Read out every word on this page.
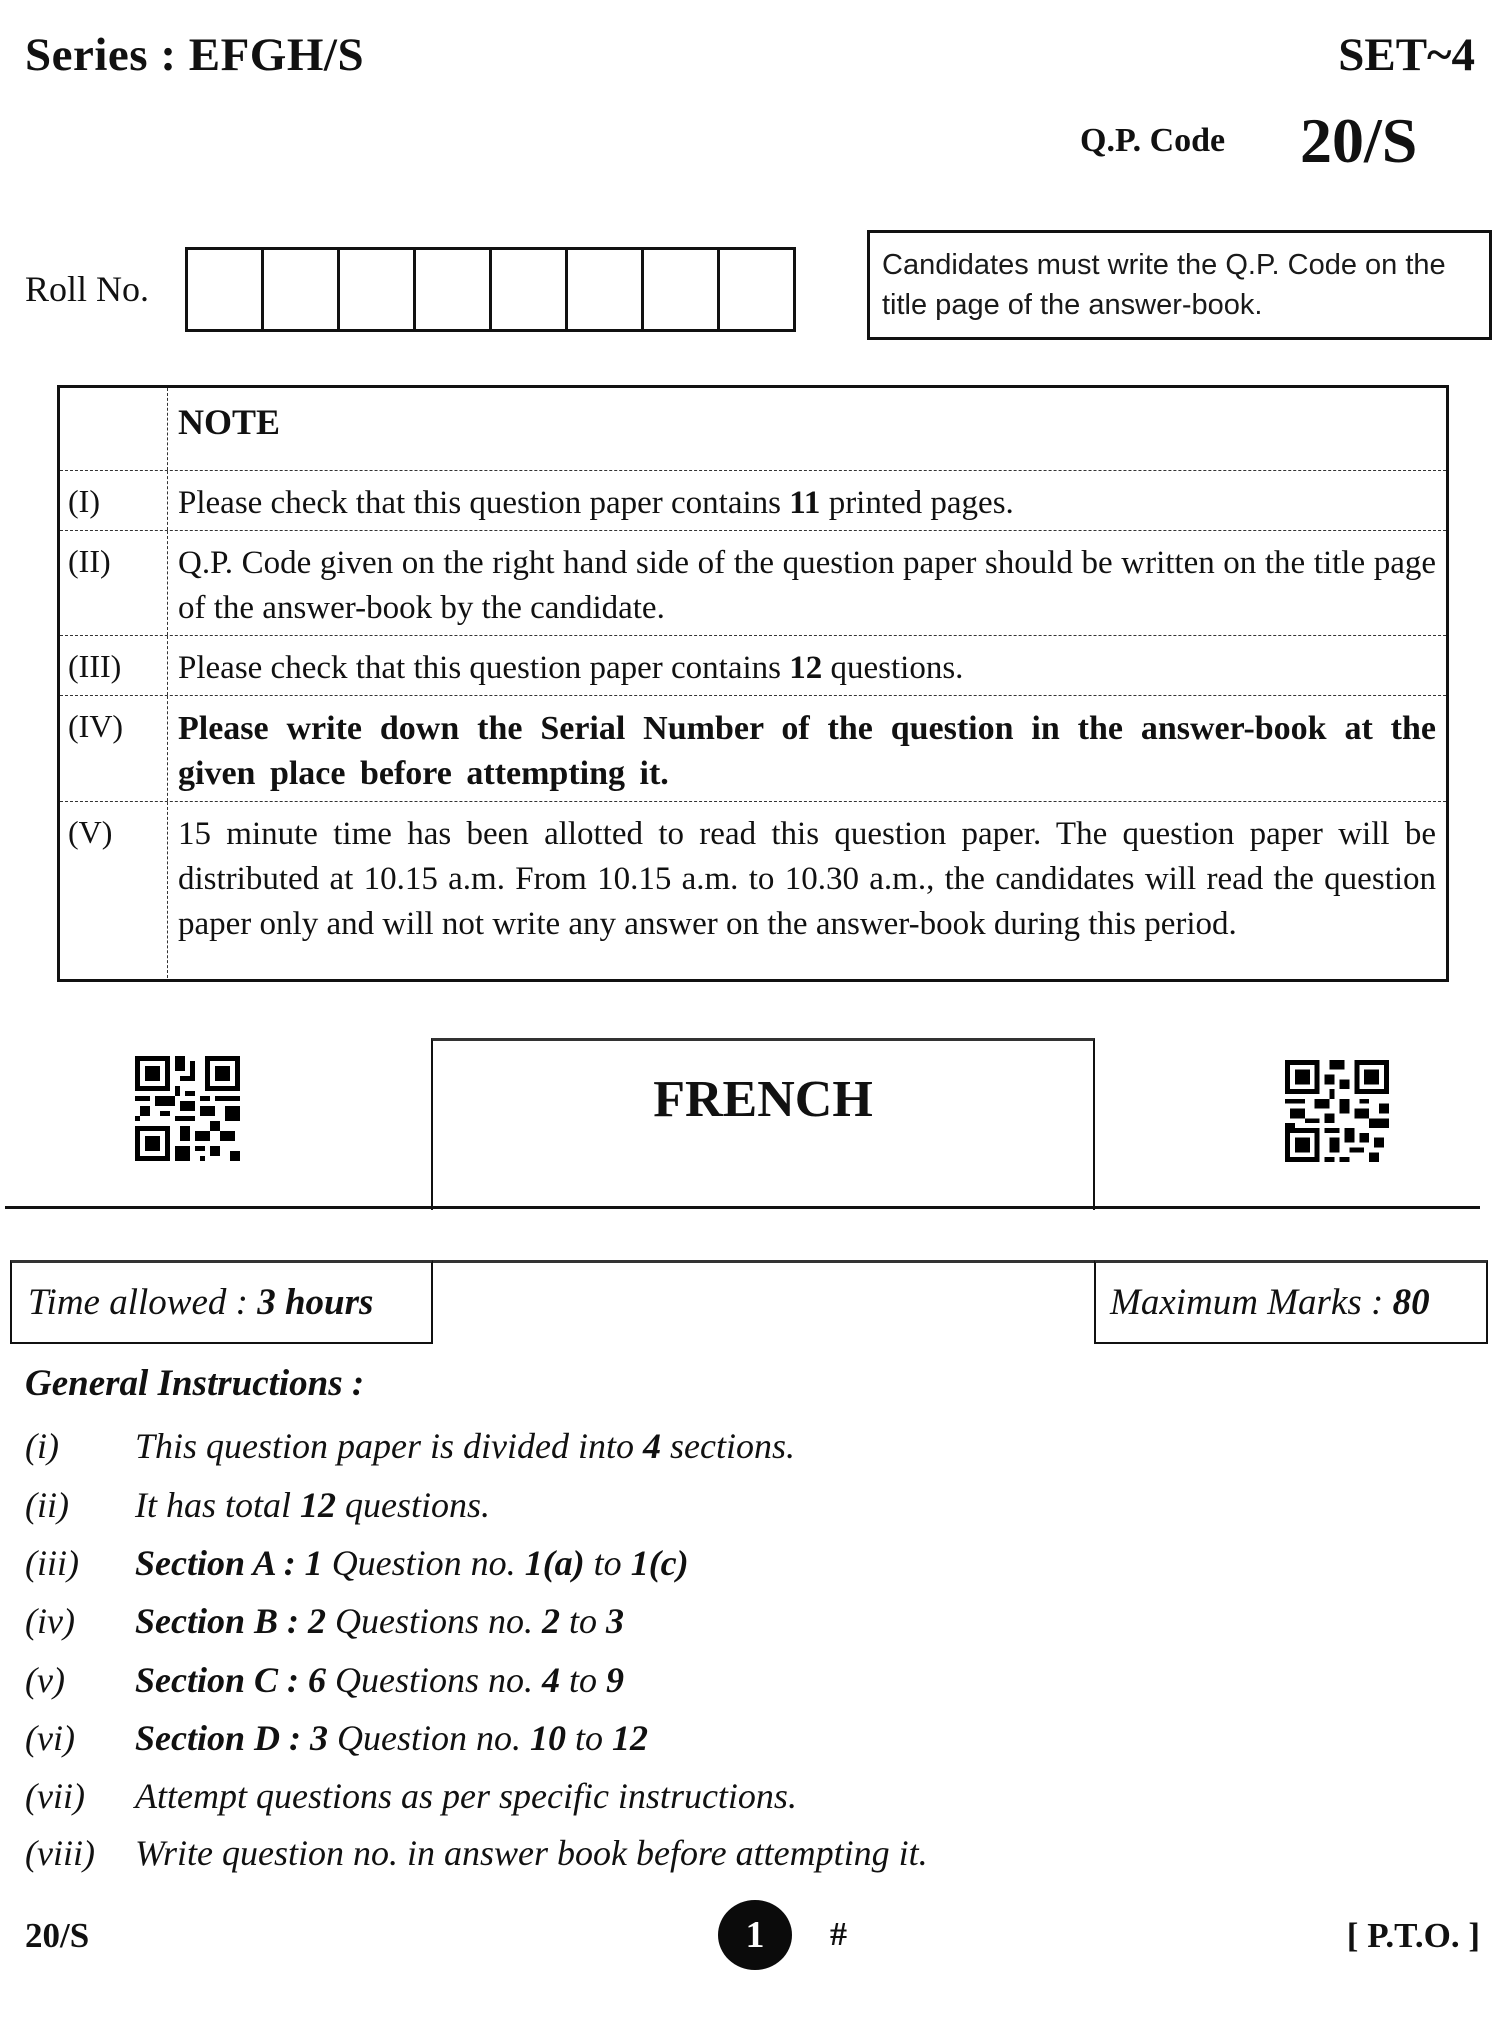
Series : EFGH/S	SET~4
Q.P. Code 20/S
Roll No.
Candidates must write the Q.P. Code on the title page of the answer-book.
NOTE
(I)	Please check that this question paper contains 11 printed pages.
(II)	Q.P. Code given on the right hand side of the question paper should be written on the title page of the answer-book by the candidate.
(III)	Please check that this question paper contains 12 questions.
(IV)	Please write down the Serial Number of the question in the answer-book at the given place before attempting it.
(V)	15 minute time has been allotted to read this question paper. The question paper will be distributed at 10.15 a.m. From 10.15 a.m. to 10.30 a.m., the candidates will read the question paper only and will not write any answer on the answer-book during this period.
FRENCH
Time allowed : 3 hours	Maximum Marks : 80
General Instructions :
(i)	This question paper is divided into 4 sections.
(ii)	It has total 12 questions.
(iii)	Section A : 1 Question no. 1(a) to 1(c)
(iv)	Section B : 2 Questions no. 2 to 3
(v)	Section C : 6 Questions no. 4 to 9
(vi)	Section D : 3 Question no. 10 to 12
(vii)	Attempt questions as per specific instructions.
(viii)	Write question no. in answer book before attempting it.
20/S	1	#	[ P.T.O. ]
